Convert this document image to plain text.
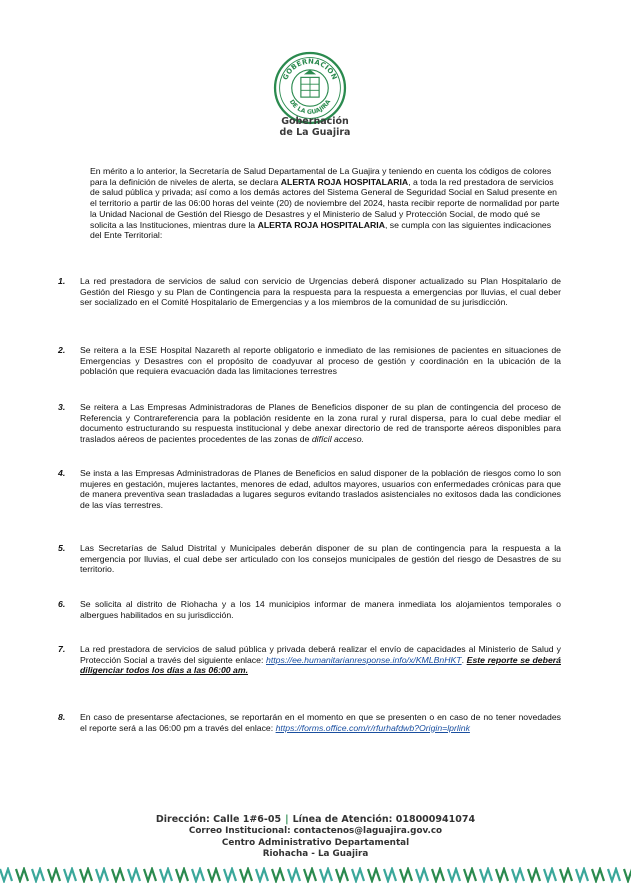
GOBERNACIÓN
DE LA GUAJIRA
Gobernación
de La Guajira
En mérito a lo anterior, la Secretaría de Salud Departamental de La Guajira y teniendo en cuenta los códigos de colores para la definición de niveles de alerta, se declara ALERTA ROJA HOSPITALARIA, a toda la red prestadora de servicios de salud pública y privada; así como a los demás actores del Sistema General de Seguridad Social en Salud presente en el territorio a partir de las 06:00 horas del veinte (20) de noviembre del 2024, hasta recibir reporte de normalidad por parte la Unidad Nacional de Gestión del Riesgo de Desastres y el Ministerio de Salud y Protección Social, de modo qué se solicita a las Instituciones, mientras dure la ALERTA ROJA HOSPITALARIA, se cumpla con las siguientes indicaciones del Ente Territorial:
1.	La red prestadora de servicios de salud con servicio de Urgencias deberá disponer actualizado su Plan Hospitalario de Gestión del Riesgo y su Plan de Contingencia para la respuesta para la respuesta a emergencias por lluvias, el cual deber ser socializado en el Comité Hospitalario de Emergencias y a los miembros de la comunidad de su jurisdicción.
2.	Se reitera a la ESE Hospital Nazareth al reporte obligatorio e inmediato de las remisiones de pacientes en situaciones de Emergencias y Desastres con el propósito de coadyuvar al proceso de gestión y coordinación en la ubicación de la población que requiera evacuación dada las limitaciones terrestres
3.	Se reitera a Las Empresas Administradoras de Planes de Beneficios disponer de su plan de contingencia del proceso de Referencia y Contrareferencia para la población residente en la zona rural y rural dispersa, para lo cual debe mediar el documento estructurando su respuesta institucional y debe anexar directorio de red de transporte aéreos disponibles para traslados aéreos de pacientes procedentes de las zonas de difícil acceso.
4.	Se insta a las Empresas Administradoras de Planes de Beneficios en salud disponer de la población de riesgos como lo son mujeres en gestación, mujeres lactantes, menores de edad, adultos mayores, usuarios con enfermedades crónicas para que de manera preventiva sean trasladadas a lugares seguros evitando traslados asistenciales no exitosos dada las condiciones de las vías terrestres.
5.	Las Secretarías de Salud Distrital y Municipales deberán disponer de su plan de contingencia para la respuesta a la emergencia por lluvias, el cual debe ser articulado con los consejos municipales de gestión del riesgo de Desastres de su territorio.
6.	Se solicita al distrito de Riohacha y a los 14 municipios informar de manera inmediata los alojamientos temporales o albergues habilitados en su jurisdicción.
7.	La red prestadora de servicios de salud pública y privada deberá realizar el envío de capacidades al Ministerio de Salud y Protección Social a través del siguiente enlace: https://ee.humanitarianresponse.info/x/KMLBnHKT. Este reporte se deberá diligenciar todos los días a las 06:00 am.
8.	En caso de presentarse afectaciones, se reportarán en el momento en que se presenten o en caso de no tener novedades el reporte será a las 06:00 pm a través del enlace: https://forms.office.com/r/rfurhafdwb?Origin=lprlink
Dirección: Calle 1#6-05 | Línea de Atención: 018000941074
Correo Institucional: contactenos@laguajira.gov.co
Centro Administrativo Departamental
Riohacha - La Guajira
